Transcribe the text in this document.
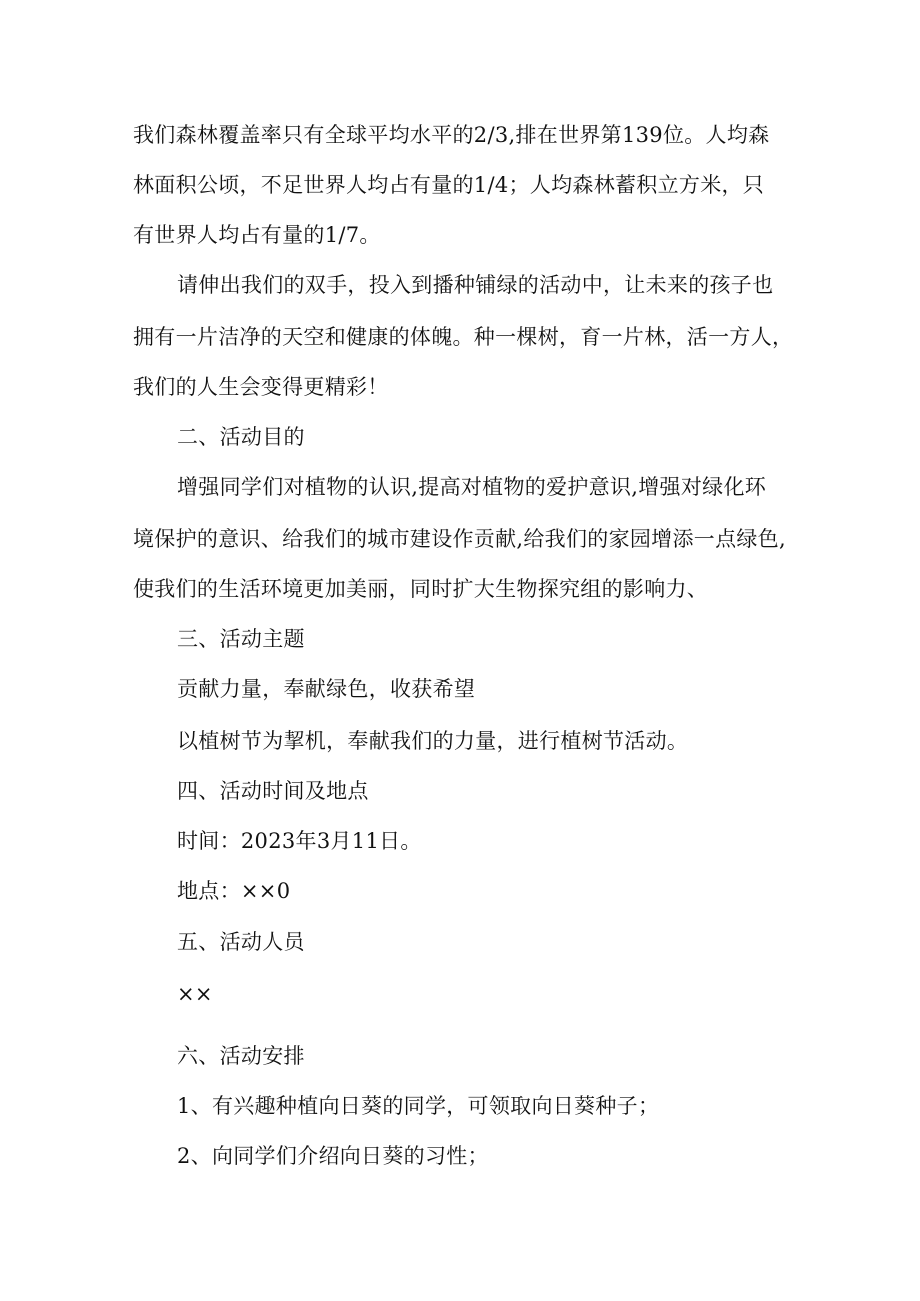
我们森林覆盖率只有全球平均水平的2/3,排在世界第139位。人均森
林面积公顷，不足世界人均占有量的1/4；人均森林蓄积立方米，只
有世界人均占有量的1/7。
请伸出我们的双手，投入到播种铺绿的活动中，让未来的孩子也
拥有一片洁净的天空和健康的体魄。种一棵树，育一片林，活一方人，
我们的人生会变得更精彩！
二、活动目的
增强同学们对植物的认识,提高对植物的爱护意识,增强对绿化环
境保护的意识、给我们的城市建设作贡献,给我们的家园增添一点绿色,
使我们的生活环境更加美丽，同时扩大生物探究组的影响力、
三、活动主题
贡献力量，奉献绿色，收获希望
以植树节为挈机，奉献我们的力量，进行植树节活动。
四、活动时间及地点
时间：2023年3月11日。
地点：××0
五、活动人员
××
六、活动安排
1、有兴趣种植向日葵的同学，可领取向日葵种子；
2、向同学们介绍向日葵的习性；
